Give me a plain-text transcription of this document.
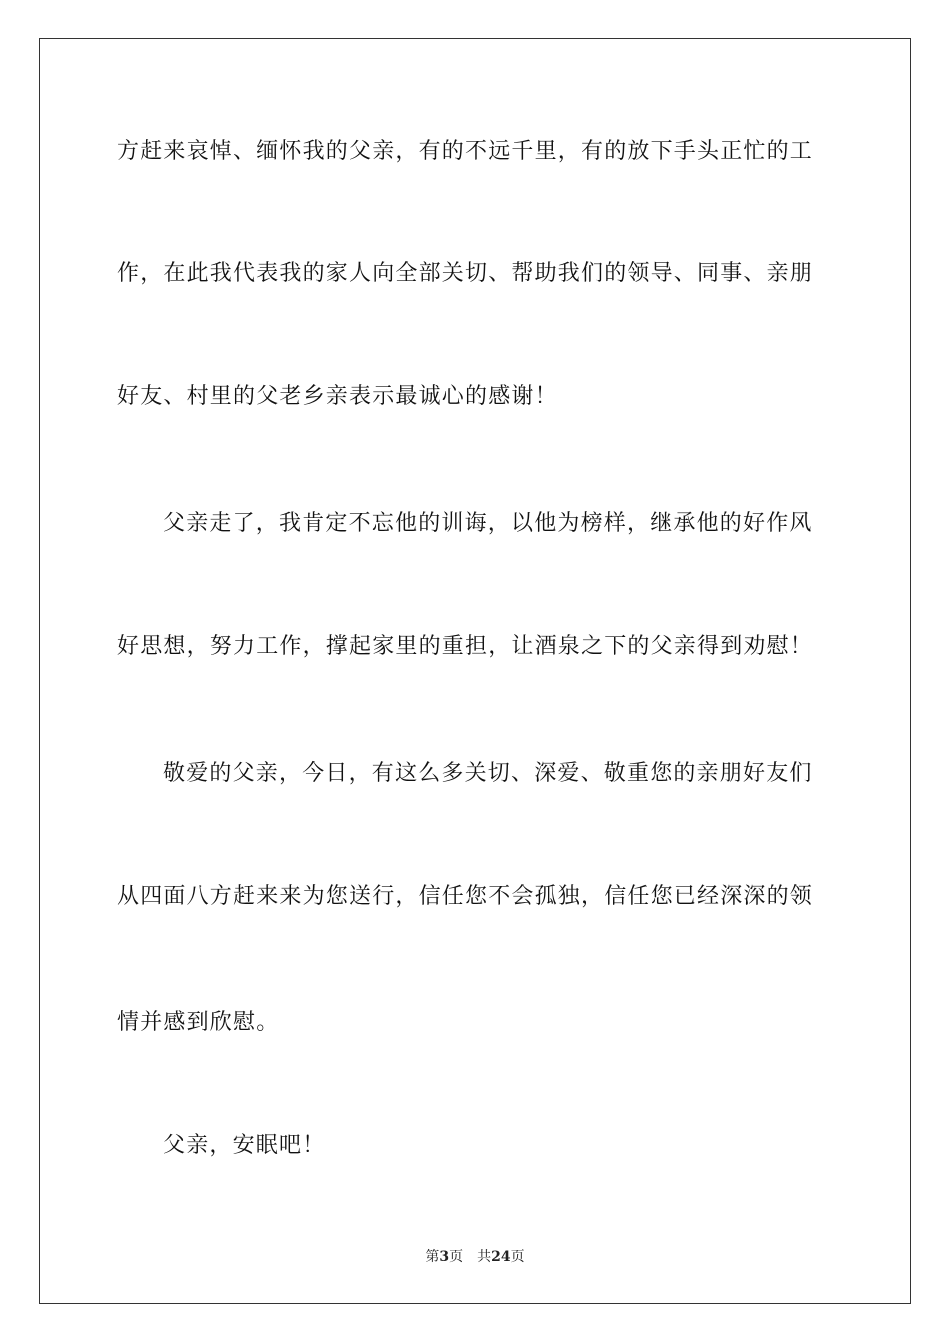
方赶来哀悼、缅怀我的父亲，有的不远千里，有的放下手头正忙的工
作，在此我代表我的家人向全部关切、帮助我们的领导、同事、亲朋
好友、村里的父老乡亲表示最诚心的感谢！
父亲走了，我肯定不忘他的训诲，以他为榜样，继承他的好作风
好思想，努力工作，撑起家里的重担，让酒泉之下的父亲得到劝慰！
敬爱的父亲，今日，有这么多关切、深爱、敬重您的亲朋好友们
从四面八方赶来来为您送行，信任您不会孤独，信任您已经深深的领
情并感到欣慰。
父亲，安眠吧！
第3页 共24页
